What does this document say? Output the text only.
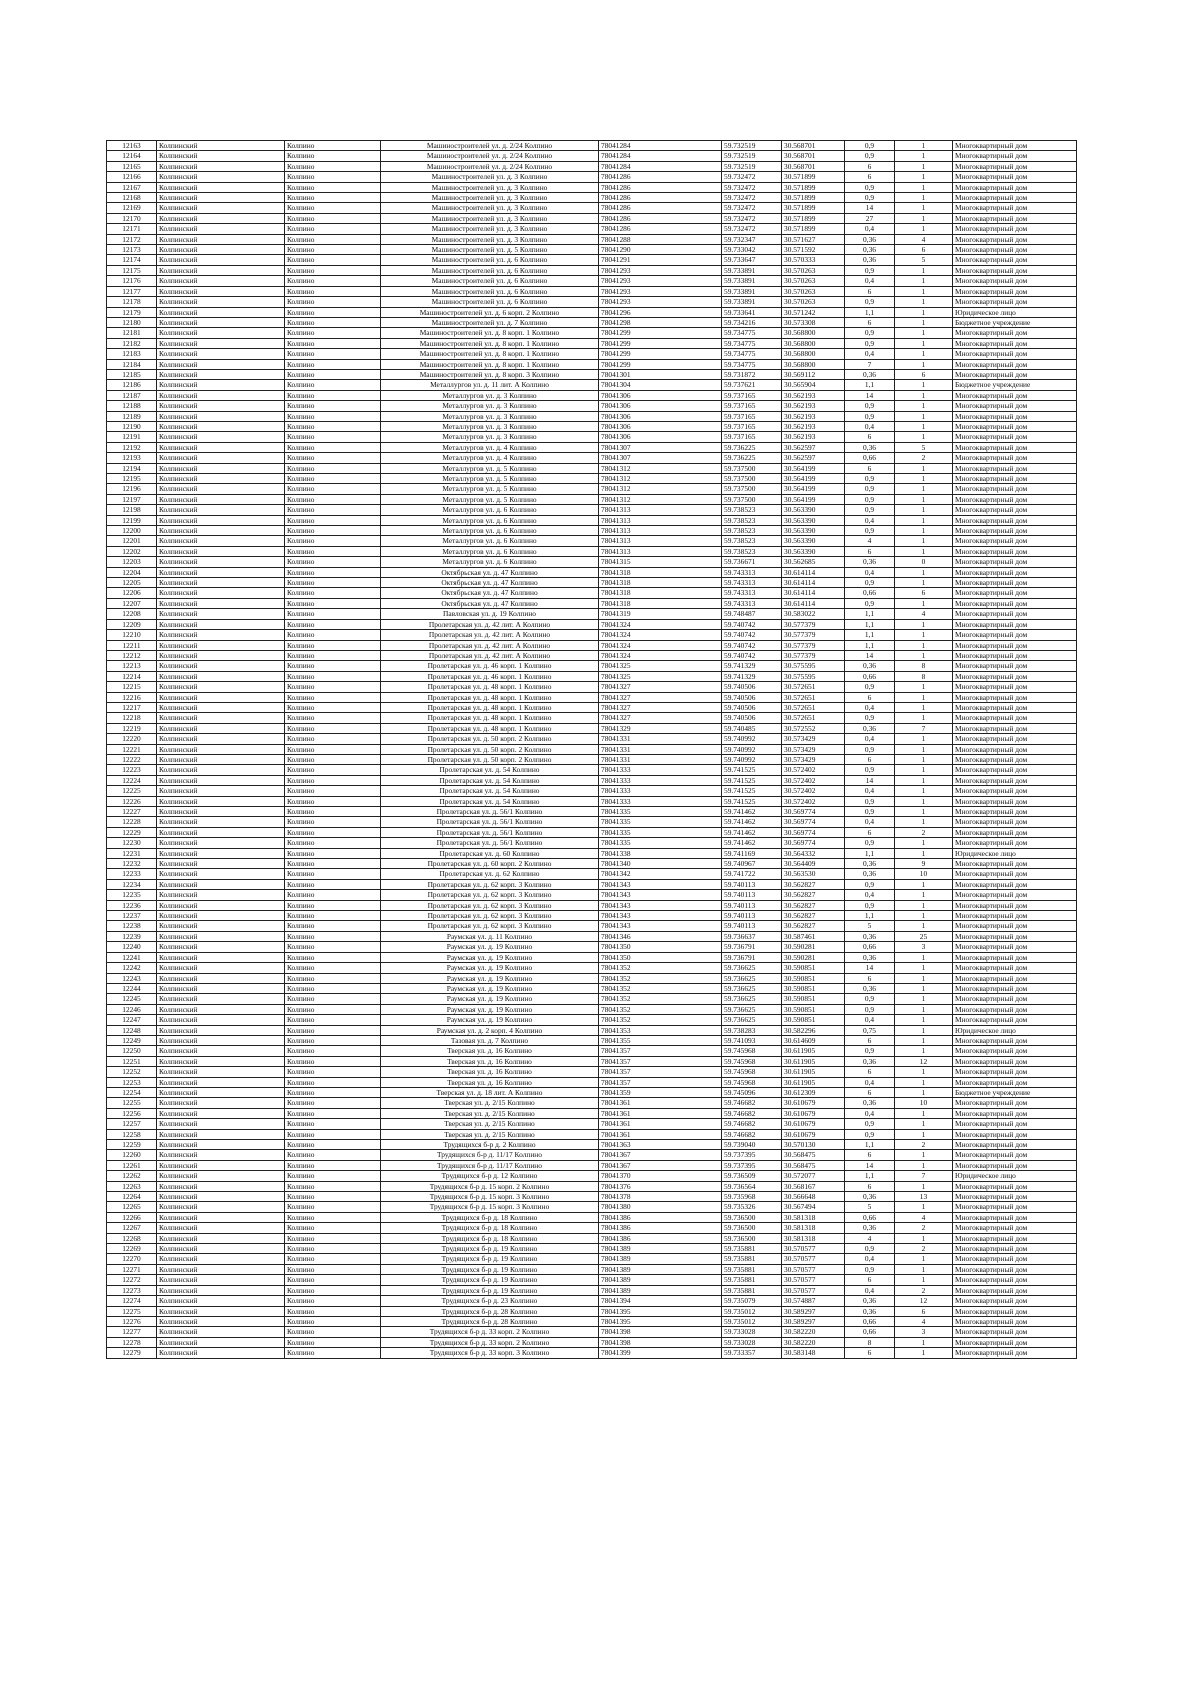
12163	Колпинский	Колпино	Машиностроителей ул. д. 2/24 Колпино	78041284	59.732519	30.568701	0,9	1	Многоквартирный дом
12164	Колпинский	Колпино	Машиностроителей ул. д. 2/24 Колпино	78041284	59.732519	30.568701	0,9	1	Многоквартирный дом
12165	Колпинский	Колпино	Машиностроителей ул. д. 2/24 Колпино	78041284	59.732519	30.568701	6	1	Многоквартирный дом
12166	Колпинский	Колпино	Машиностроителей ул. д. 3 Колпино	78041286	59.732472	30.571899	6	1	Многоквартирный дом
12167	Колпинский	Колпино	Машиностроителей ул. д. 3 Колпино	78041286	59.732472	30.571899	0,9	1	Многоквартирный дом
12168	Колпинский	Колпино	Машиностроителей ул. д. 3 Колпино	78041286	59.732472	30.571899	0,9	1	Многоквартирный дом
12169	Колпинский	Колпино	Машиностроителей ул. д. 3 Колпино	78041286	59.732472	30.571899	14	1	Многоквартирный дом
12170	Колпинский	Колпино	Машиностроителей ул. д. 3 Колпино	78041286	59.732472	30.571899	27	1	Многоквартирный дом
12171	Колпинский	Колпино	Машиностроителей ул. д. 3 Колпино	78041286	59.732472	30.571899	0,4	1	Многоквартирный дом
12172	Колпинский	Колпино	Машиностроителей ул. д. 3 Колпино	78041288	59.732347	30.571627	0,36	4	Многоквартирный дом
12173	Колпинский	Колпино	Машиностроителей ул. д. 5 Колпино	78041290	59.733042	30.571592	0,36	6	Многоквартирный дом
12174	Колпинский	Колпино	Машиностроителей ул. д. 6 Колпино	78041291	59.733647	30.570333	0,36	5	Многоквартирный дом
12175	Колпинский	Колпино	Машиностроителей ул. д. 6 Колпино	78041293	59.733891	30.570263	0,9	1	Многоквартирный дом
12176	Колпинский	Колпино	Машиностроителей ул. д. 6 Колпино	78041293	59.733891	30.570263	0,4	1	Многоквартирный дом
12177	Колпинский	Колпино	Машиностроителей ул. д. 6 Колпино	78041293	59.733891	30.570263	6	1	Многоквартирный дом
12178	Колпинский	Колпино	Машиностроителей ул. д. 6 Колпино	78041293	59.733891	30.570263	0,9	1	Многоквартирный дом
12179	Колпинский	Колпино	Машиностроителей ул. д. 6 корп. 2 Колпино	78041296	59.733641	30.571242	1,1	1	Юридическое лицо
12180	Колпинский	Колпино	Машиностроителей ул. д. 7 Колпино	78041298	59.734216	30.573308	6	1	Бюджетное учреждение
12181	Колпинский	Колпино	Машиностроителей ул. д. 8 корп. 1 Колпино	78041299	59.734775	30.568800	0,9	1	Многоквартирный дом
12182	Колпинский	Колпино	Машиностроителей ул. д. 8 корп. 1 Колпино	78041299	59.734775	30.568800	0,9	1	Многоквартирный дом
12183	Колпинский	Колпино	Машиностроителей ул. д. 8 корп. 1 Колпино	78041299	59.734775	30.568800	0,4	1	Многоквартирный дом
12184	Колпинский	Колпино	Машиностроителей ул. д. 8 корп. 1 Колпино	78041299	59.734775	30.568800	7	1	Многоквартирный дом
12185	Колпинский	Колпино	Машиностроителей ул. д. 8 корп. 3 Колпино	78041301	59.731872	30.569112	0,36	6	Многоквартирный дом
12186	Колпинский	Колпино	Металлургов ул. д. 11 лит. А Колпино	78041304	59.737621	30.565904	1,1	1	Бюджетное учреждение
12187	Колпинский	Колпино	Металлургов ул. д. 3 Колпино	78041306	59.737165	30.562193	14	1	Многоквартирный дом
12188	Колпинский	Колпино	Металлургов ул. д. 3 Колпино	78041306	59.737165	30.562193	0,9	1	Многоквартирный дом
12189	Колпинский	Колпино	Металлургов ул. д. 3 Колпино	78041306	59.737165	30.562193	0,9	1	Многоквартирный дом
12190	Колпинский	Колпино	Металлургов ул. д. 3 Колпино	78041306	59.737165	30.562193	0,4	1	Многоквартирный дом
12191	Колпинский	Колпино	Металлургов ул. д. 3 Колпино	78041306	59.737165	30.562193	6	1	Многоквартирный дом
12192	Колпинский	Колпино	Металлургов ул. д. 4 Колпино	78041307	59.736225	30.562597	0,36	5	Многоквартирный дом
12193	Колпинский	Колпино	Металлургов ул. д. 4 Колпино	78041307	59.736225	30.562597	0,66	2	Многоквартирный дом
12194	Колпинский	Колпино	Металлургов ул. д. 5 Колпино	78041312	59.737500	30.564199	6	1	Многоквартирный дом
12195	Колпинский	Колпино	Металлургов ул. д. 5 Колпино	78041312	59.737500	30.564199	0,9	1	Многоквартирный дом
12196	Колпинский	Колпино	Металлургов ул. д. 5 Колпино	78041312	59.737500	30.564199	0,9	1	Многоквартирный дом
12197	Колпинский	Колпино	Металлургов ул. д. 5 Колпино	78041312	59.737500	30.564199	0,9	1	Многоквартирный дом
12198	Колпинский	Колпино	Металлургов ул. д. 6 Колпино	78041313	59.738523	30.563390	0,9	1	Многоквартирный дом
12199	Колпинский	Колпино	Металлургов ул. д. 6 Колпино	78041313	59.738523	30.563390	0,4	1	Многоквартирный дом
12200	Колпинский	Колпино	Металлургов ул. д. 6 Колпино	78041313	59.738523	30.563390	0,9	1	Многоквартирный дом
12201	Колпинский	Колпино	Металлургов ул. д. 6 Колпино	78041313	59.738523	30.563390	4	1	Многоквартирный дом
12202	Колпинский	Колпино	Металлургов ул. д. 6 Колпино	78041313	59.738523	30.563390	6	1	Многоквартирный дом
12203	Колпинский	Колпино	Металлургов ул. д. 6 Колпино	78041315	59.736671	30.562685	0,36	0	Многоквартирный дом
12204	Колпинский	Колпино	Октябрьская ул. д. 47 Колпино	78041318	59.743313	30.614114	0,4	1	Многоквартирный дом
12205	Колпинский	Колпино	Октябрьская ул. д. 47 Колпино	78041318	59.743313	30.614114	0,9	1	Многоквартирный дом
12206	Колпинский	Колпино	Октябрьская ул. д. 47 Колпино	78041318	59.743313	30.614114	0,66	6	Многоквартирный дом
12207	Колпинский	Колпино	Октябрьская ул. д. 47 Колпино	78041318	59.743313	30.614114	0,9	1	Многоквартирный дом
12208	Колпинский	Колпино	Павловская ул. д. 19 Колпино	78041319	59.748487	30.583022	1,1	4	Многоквартирный дом
12209	Колпинский	Колпино	Пролетарская ул. д. 42 лит. А Колпино	78041324	59.740742	30.577379	1,1	1	Многоквартирный дом
12210	Колпинский	Колпино	Пролетарская ул. д. 42 лит. А Колпино	78041324	59.740742	30.577379	1,1	1	Многоквартирный дом
12211	Колпинский	Колпино	Пролетарская ул. д. 42 лит. А Колпино	78041324	59.740742	30.577379	1,1	1	Многоквартирный дом
12212	Колпинский	Колпино	Пролетарская ул. д. 42 лит. А Колпино	78041324	59.740742	30.577379	14	1	Многоквартирный дом
12213	Колпинский	Колпино	Пролетарская ул. д. 46 корп. 1 Колпино	78041325	59.741329	30.575595	0,36	8	Многоквартирный дом
12214	Колпинский	Колпино	Пролетарская ул. д. 46 корп. 1 Колпино	78041325	59.741329	30.575595	0,66	8	Многоквартирный дом
12215	Колпинский	Колпино	Пролетарская ул. д. 48 корп. 1 Колпино	78041327	59.740506	30.572651	0,9	1	Многоквартирный дом
12216	Колпинский	Колпино	Пролетарская ул. д. 48 корп. 1 Колпино	78041327	59.740506	30.572651	6	1	Многоквартирный дом
12217	Колпинский	Колпино	Пролетарская ул. д. 48 корп. 1 Колпино	78041327	59.740506	30.572651	0,4	1	Многоквартирный дом
12218	Колпинский	Колпино	Пролетарская ул. д. 48 корп. 1 Колпино	78041327	59.740506	30.572651	0,9	1	Многоквартирный дом
12219	Колпинский	Колпино	Пролетарская ул. д. 48 корп. 1 Колпино	78041329	59.740485	30.572552	0,36	7	Многоквартирный дом
12220	Колпинский	Колпино	Пролетарская ул. д. 50 корп. 2 Колпино	78041331	59.740992	30.573429	0,4	1	Многоквартирный дом
12221	Колпинский	Колпино	Пролетарская ул. д. 50 корп. 2 Колпино	78041331	59.740992	30.573429	0,9	1	Многоквартирный дом
12222	Колпинский	Колпино	Пролетарская ул. д. 50 корп. 2 Колпино	78041331	59.740992	30.573429	6	1	Многоквартирный дом
12223	Колпинский	Колпино	Пролетарская ул. д. 54 Колпино	78041333	59.741525	30.572402	0,9	1	Многоквартирный дом
12224	Колпинский	Колпино	Пролетарская ул. д. 54 Колпино	78041333	59.741525	30.572402	14	1	Многоквартирный дом
12225	Колпинский	Колпино	Пролетарская ул. д. 54 Колпино	78041333	59.741525	30.572402	0,4	1	Многоквартирный дом
12226	Колпинский	Колпино	Пролетарская ул. д. 54 Колпино	78041333	59.741525	30.572402	0,9	1	Многоквартирный дом
12227	Колпинский	Колпино	Пролетарская ул. д. 56/1 Колпино	78041335	59.741462	30.569774	0,9	1	Многоквартирный дом
12228	Колпинский	Колпино	Пролетарская ул. д. 56/1 Колпино	78041335	59.741462	30.569774	0,4	1	Многоквартирный дом
12229	Колпинский	Колпино	Пролетарская ул. д. 56/1 Колпино	78041335	59.741462	30.569774	6	2	Многоквартирный дом
12230	Колпинский	Колпино	Пролетарская ул. д. 56/1 Колпино	78041335	59.741462	30.569774	0,9	1	Многоквартирный дом
12231	Колпинский	Колпино	Пролетарская ул. д. 60 Колпино	78041338	59.741169	30.564332	1,1	1	Юридическое лицо
12232	Колпинский	Колпино	Пролетарская ул. д. 60 корп. 2 Колпино	78041340	59.740967	30.564409	0,36	9	Многоквартирный дом
12233	Колпинский	Колпино	Пролетарская ул. д. 62 Колпино	78041342	59.741722	30.563530	0,36	10	Многоквартирный дом
12234	Колпинский	Колпино	Пролетарская ул. д. 62 корп. 3 Колпино	78041343	59.740113	30.562827	0,9	1	Многоквартирный дом
12235	Колпинский	Колпино	Пролетарская ул. д. 62 корп. 3 Колпино	78041343	59.740113	30.562827	0,4	1	Многоквартирный дом
12236	Колпинский	Колпино	Пролетарская ул. д. 62 корп. 3 Колпино	78041343	59.740113	30.562827	0,9	1	Многоквартирный дом
12237	Колпинский	Колпино	Пролетарская ул. д. 62 корп. 3 Колпино	78041343	59.740113	30.562827	1,1	1	Многоквартирный дом
12238	Колпинский	Колпино	Пролетарская ул. д. 62 корп. 3 Колпино	78041343	59.740113	30.562827	5	1	Многоквартирный дом
12239	Колпинский	Колпино	Раумская ул. д. 11 Колпино	78041346	59.736637	30.587461	0,36	25	Многоквартирный дом
12240	Колпинский	Колпино	Раумская ул. д. 19 Колпино	78041350	59.736791	30.590281	0,66	3	Многоквартирный дом
12241	Колпинский	Колпино	Раумская ул. д. 19 Колпино	78041350	59.736791	30.590281	0,36	1	Многоквартирный дом
12242	Колпинский	Колпино	Раумская ул. д. 19 Колпино	78041352	59.736625	30.590851	14	1	Многоквартирный дом
12243	Колпинский	Колпино	Раумская ул. д. 19 Колпино	78041352	59.736625	30.590851	6	1	Многоквартирный дом
12244	Колпинский	Колпино	Раумская ул. д. 19 Колпино	78041352	59.736625	30.590851	0,36	1	Многоквартирный дом
12245	Колпинский	Колпино	Раумская ул. д. 19 Колпино	78041352	59.736625	30.590851	0,9	1	Многоквартирный дом
12246	Колпинский	Колпино	Раумская ул. д. 19 Колпино	78041352	59.736625	30.590851	0,9	1	Многоквартирный дом
12247	Колпинский	Колпино	Раумская ул. д. 19 Колпино	78041352	59.736625	30.590851	0,4	1	Многоквартирный дом
12248	Колпинский	Колпино	Раумская ул. д. 2 корп. 4 Колпино	78041353	59.738283	30.582296	0,75	1	Юридическое лицо
12249	Колпинский	Колпино	Тазовая ул. д. 7 Колпино	78041355	59.741093	30.614609	6	1	Многоквартирный дом
12250	Колпинский	Колпино	Тверская ул. д. 16 Колпино	78041357	59.745968	30.611905	0,9	1	Многоквартирный дом
12251	Колпинский	Колпино	Тверская ул. д. 16 Колпино	78041357	59.745968	30.611905	0,36	12	Многоквартирный дом
12252	Колпинский	Колпино	Тверская ул. д. 16 Колпино	78041357	59.745968	30.611905	6	1	Многоквартирный дом
12253	Колпинский	Колпино	Тверская ул. д. 16 Колпино	78041357	59.745968	30.611905	0,4	1	Многоквартирный дом
12254	Колпинский	Колпино	Тверская ул. д. 18 лит. А Колпино	78041359	59.745096	30.612309	6	1	Бюджетное учреждение
12255	Колпинский	Колпино	Тверская ул. д. 2/15 Колпино	78041361	59.746682	30.610679	0,36	10	Многоквартирный дом
12256	Колпинский	Колпино	Тверская ул. д. 2/15 Колпино	78041361	59.746682	30.610679	0,4	1	Многоквартирный дом
12257	Колпинский	Колпино	Тверская ул. д. 2/15 Колпино	78041361	59.746682	30.610679	0,9	1	Многоквартирный дом
12258	Колпинский	Колпино	Тверская ул. д. 2/15 Колпино	78041361	59.746682	30.610679	0,9	1	Многоквартирный дом
12259	Колпинский	Колпино	Трудящихся б-р д. 2 Колпино	78041363	59.739040	30.570130	1,1	2	Многоквартирный дом
12260	Колпинский	Колпино	Трудящихся б-р д. 11/17 Колпино	78041367	59.737395	30.568475	6	1	Многоквартирный дом
12261	Колпинский	Колпино	Трудящихся б-р д. 11/17 Колпино	78041367	59.737395	30.568475	14	1	Многоквартирный дом
12262	Колпинский	Колпино	Трудящихся б-р д. 12 Колпино	78041370	59.736509	30.572077	1,1	7	Юридическое лицо
12263	Колпинский	Колпино	Трудящихся б-р д. 15 корп. 2 Колпино	78041376	59.736564	30.568167	6	1	Многоквартирный дом
12264	Колпинский	Колпино	Трудящихся б-р д. 15 корп. 3 Колпино	78041378	59.735968	30.566648	0,36	13	Многоквартирный дом
12265	Колпинский	Колпино	Трудящихся б-р д. 15 корп. 3 Колпино	78041380	59.735326	30.567494	5	1	Многоквартирный дом
12266	Колпинский	Колпино	Трудящихся б-р д. 18 Колпино	78041386	59.736500	30.581318	0,66	4	Многоквартирный дом
12267	Колпинский	Колпино	Трудящихся б-р д. 18 Колпино	78041386	59.736500	30.581318	0,36	2	Многоквартирный дом
12268	Колпинский	Колпино	Трудящихся б-р д. 18 Колпино	78041386	59.736500	30.581318	4	1	Многоквартирный дом
12269	Колпинский	Колпино	Трудящихся б-р д. 19 Колпино	78041389	59.735881	30.570577	0,9	2	Многоквартирный дом
12270	Колпинский	Колпино	Трудящихся б-р д. 19 Колпино	78041389	59.735881	30.570577	0,4	1	Многоквартирный дом
12271	Колпинский	Колпино	Трудящихся б-р д. 19 Колпино	78041389	59.735881	30.570577	0,9	1	Многоквартирный дом
12272	Колпинский	Колпино	Трудящихся б-р д. 19 Колпино	78041389	59.735881	30.570577	6	1	Многоквартирный дом
12273	Колпинский	Колпино	Трудящихся б-р д. 19 Колпино	78041389	59.735881	30.570577	0,4	2	Многоквартирный дом
12274	Колпинский	Колпино	Трудящихся б-р д. 23 Колпино	78041394	59.735079	30.574887	0,36	12	Многоквартирный дом
12275	Колпинский	Колпино	Трудящихся б-р д. 28 Колпино	78041395	59.735012	30.589297	0,36	6	Многоквартирный дом
12276	Колпинский	Колпино	Трудящихся б-р д. 28 Колпино	78041395	59.735012	30.589297	0,66	4	Многоквартирный дом
12277	Колпинский	Колпино	Трудящихся б-р д. 33 корп. 2 Колпино	78041398	59.733028	30.582220	0,66	3	Многоквартирный дом
12278	Колпинский	Колпино	Трудящихся б-р д. 33 корп. 2 Колпино	78041398	59.733028	30.582220	8	1	Многоквартирный дом
12279	Колпинский	Колпино	Трудящихся б-р д. 33 корп. 3 Колпино	78041399	59.733357	30.583148	6	1	Многоквартирный дом
